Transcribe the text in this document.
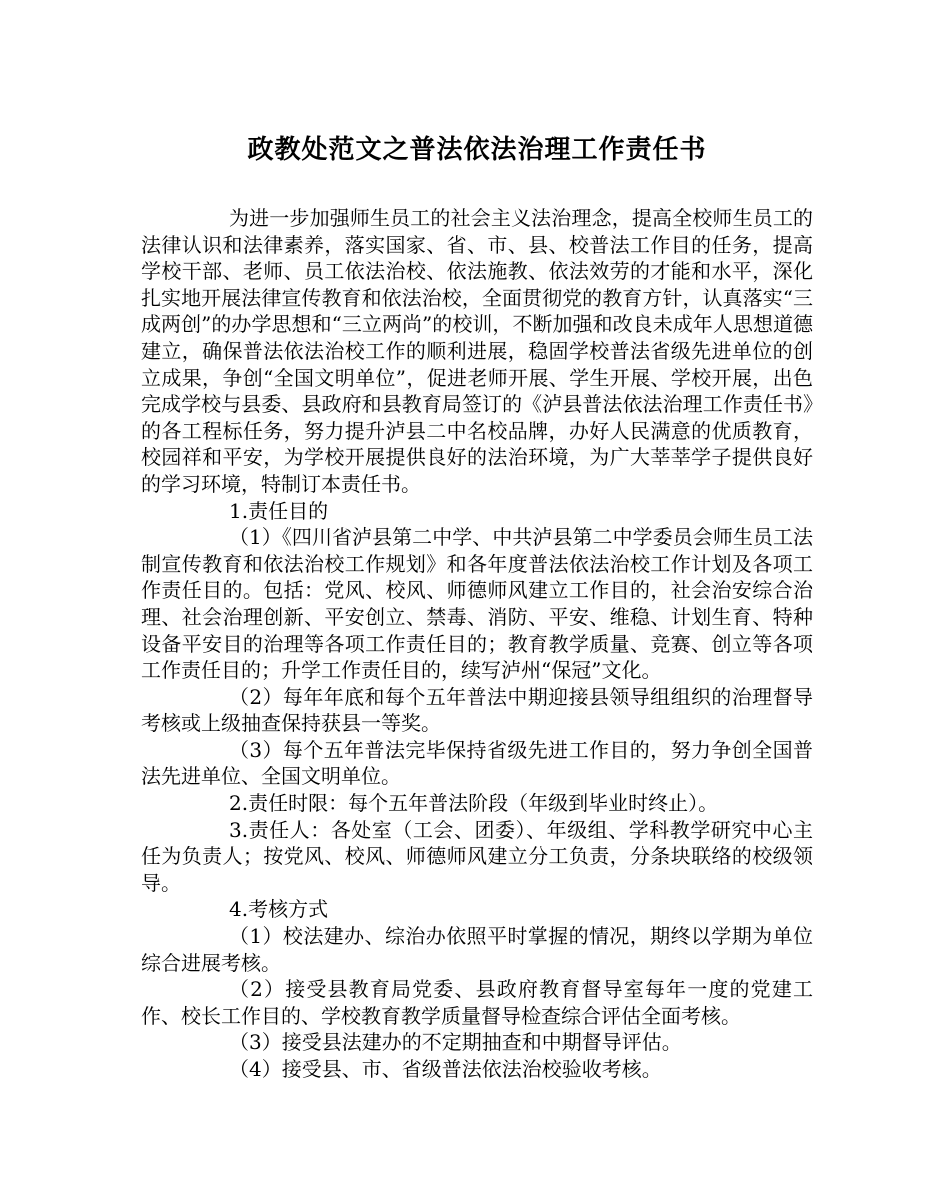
政教处范文之普法依法治理工作责任书

为进一步加强师生员工的社会主义法治理念，提高全校师生员工的法律认识和法律素养，落实国家、省、市、县、校普法工作目的任务，提高学校干部、老师、员工依法治校、依法施教、依法效劳的才能和水平，深化扎实地开展法律宣传教育和依法治校，全面贯彻党的教育方针，认真落实“三成两创”的办学思想和“三立两尚”的校训，不断加强和改良未成年人思想道德建立，确保普法依法治校工作的顺利进展，稳固学校普法省级先进单位的创立成果，争创“全国文明单位”，促进老师开展、学生开展、学校开展，出色完成学校与县委、县政府和县教育局签订的《泸县普法依法治理工作责任书》的各工程标任务，努力提升泸县二中名校品牌，办好人民满意的优质教育，校园祥和平安，为学校开展提供良好的法治环境，为广大莘莘学子提供良好的学习环境，特制订本责任书。

1.责任目的

（1）《四川省泸县第二中学、中共泸县第二中学委员会师生员工法制宣传教育和依法治校工作规划》和各年度普法依法治校工作计划及各项工作责任目的。包括：党风、校风、师德师风建立工作目的，社会治安综合治理、社会治理创新、平安创立、禁毒、消防、平安、维稳、计划生育、特种设备平安目的治理等各项工作责任目的；教育教学质量、竞赛、创立等各项工作责任目的；升学工作责任目的，续写泸州“保冠”文化。

（2）每年年底和每个五年普法中期迎接县领导组组织的治理督导考核或上级抽查保持获县一等奖。

（3）每个五年普法完毕保持省级先进工作目的，努力争创全国普法先进单位、全国文明单位。

2.责任时限：每个五年普法阶段（年级到毕业时终止）。

3.责任人：各处室（工会、团委）、年级组、学科教学研究中心主任为负责人；按党风、校风、师德师风建立分工负责，分条块联络的校级领导。

4.考核方式

（1）校法建办、综治办依照平时掌握的情况，期终以学期为单位综合进展考核。

（2）接受县教育局党委、县政府教育督导室每年一度的党建工作、校长工作目的、学校教育教学质量督导检查综合评估全面考核。

（3）接受县法建办的不定期抽查和中期督导评估。

（4）接受县、市、省级普法依法治校验收考核。
